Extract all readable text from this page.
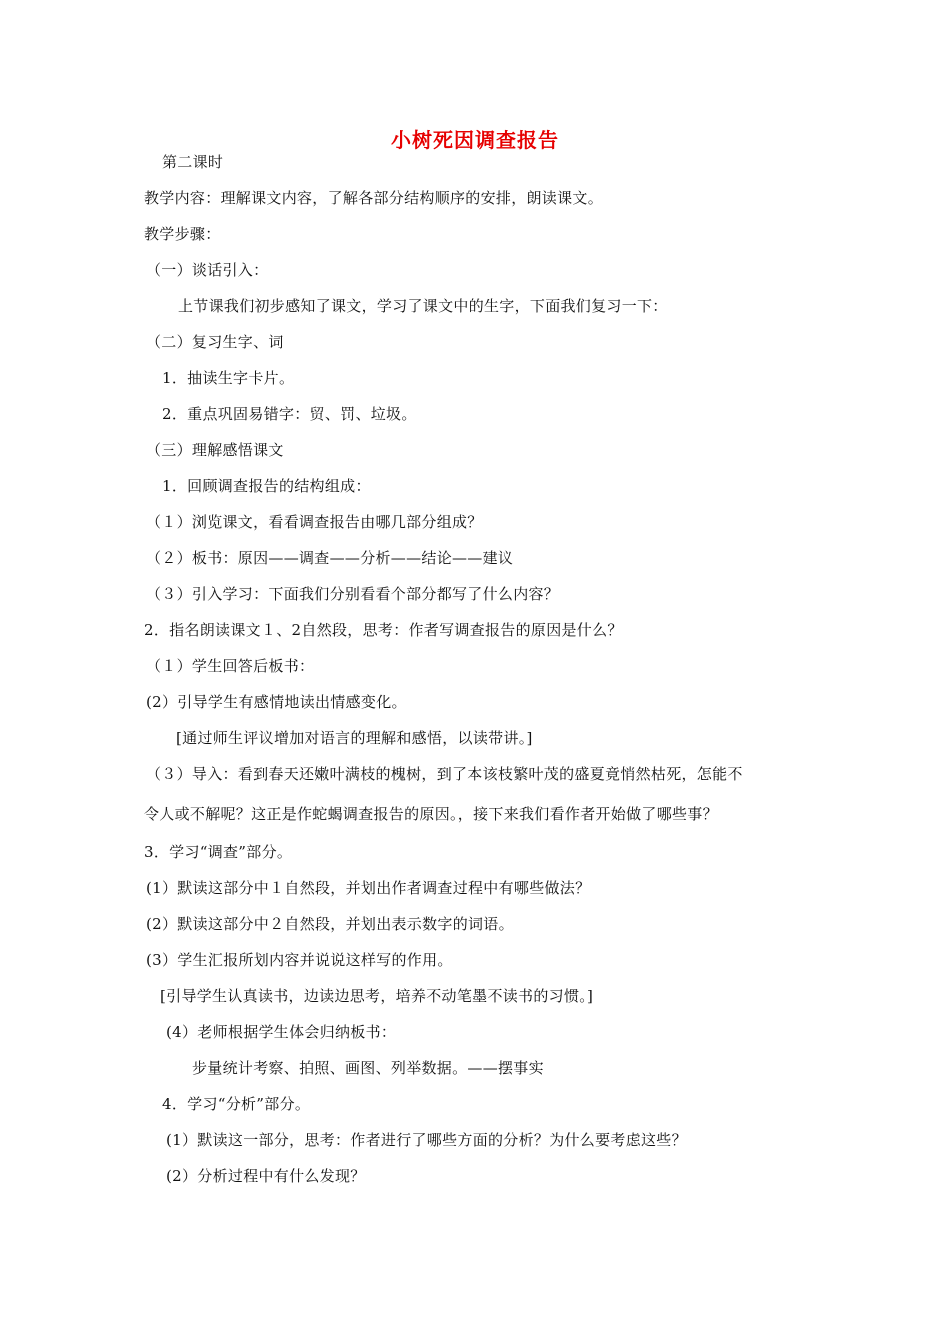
小树死因调查报告
第二课时
教学内容：理解课文内容，了解各部分结构顺序的安排，朗读课文。
教学步骤：
（一）谈话引入：
上节课我们初步感知了课文，学习了课文中的生字，下面我们复习一下：
（二）复习生字、词
1．抽读生字卡片。
2．重点巩固易错字：贸、罚、垃圾。
（三）理解感悟课文
1．回顾调查报告的结构组成：
（１）浏览课文，看看调查报告由哪几部分组成？
（２）板书：原因——调查——分析——结论——建议
（３）引入学习：下面我们分别看看个部分都写了什么内容？
2．指名朗读课文１、2自然段，思考：作者写调查报告的原因是什么？
（１）学生回答后板书：
(2）引导学生有感情地读出情感变化。
[通过师生评议增加对语言的理解和感悟，以读带讲。]
（３）导入：看到春天还嫩叶满枝的槐树，到了本该枝繁叶茂的盛夏竟悄然枯死，怎能不
令人或不解呢？这正是作蛇蝎调查报告的原因。，接下来我们看作者开始做了哪些事？
3．学习“调查”部分。
(1）默读这部分中１自然段，并划出作者调查过程中有哪些做法？
(2）默读这部分中２自然段，并划出表示数字的词语。
(3）学生汇报所划内容并说说这样写的作用。
[引导学生认真读书，边读边思考，培养不动笔墨不读书的习惯。]
(4）老师根据学生体会归纳板书：
步量统计考察、拍照、画图、列举数据。——摆事实
4．学习“分析”部分。
(1）默读这一部分，思考：作者进行了哪些方面的分析？为什么要考虑这些？
(2）分析过程中有什么发现？
